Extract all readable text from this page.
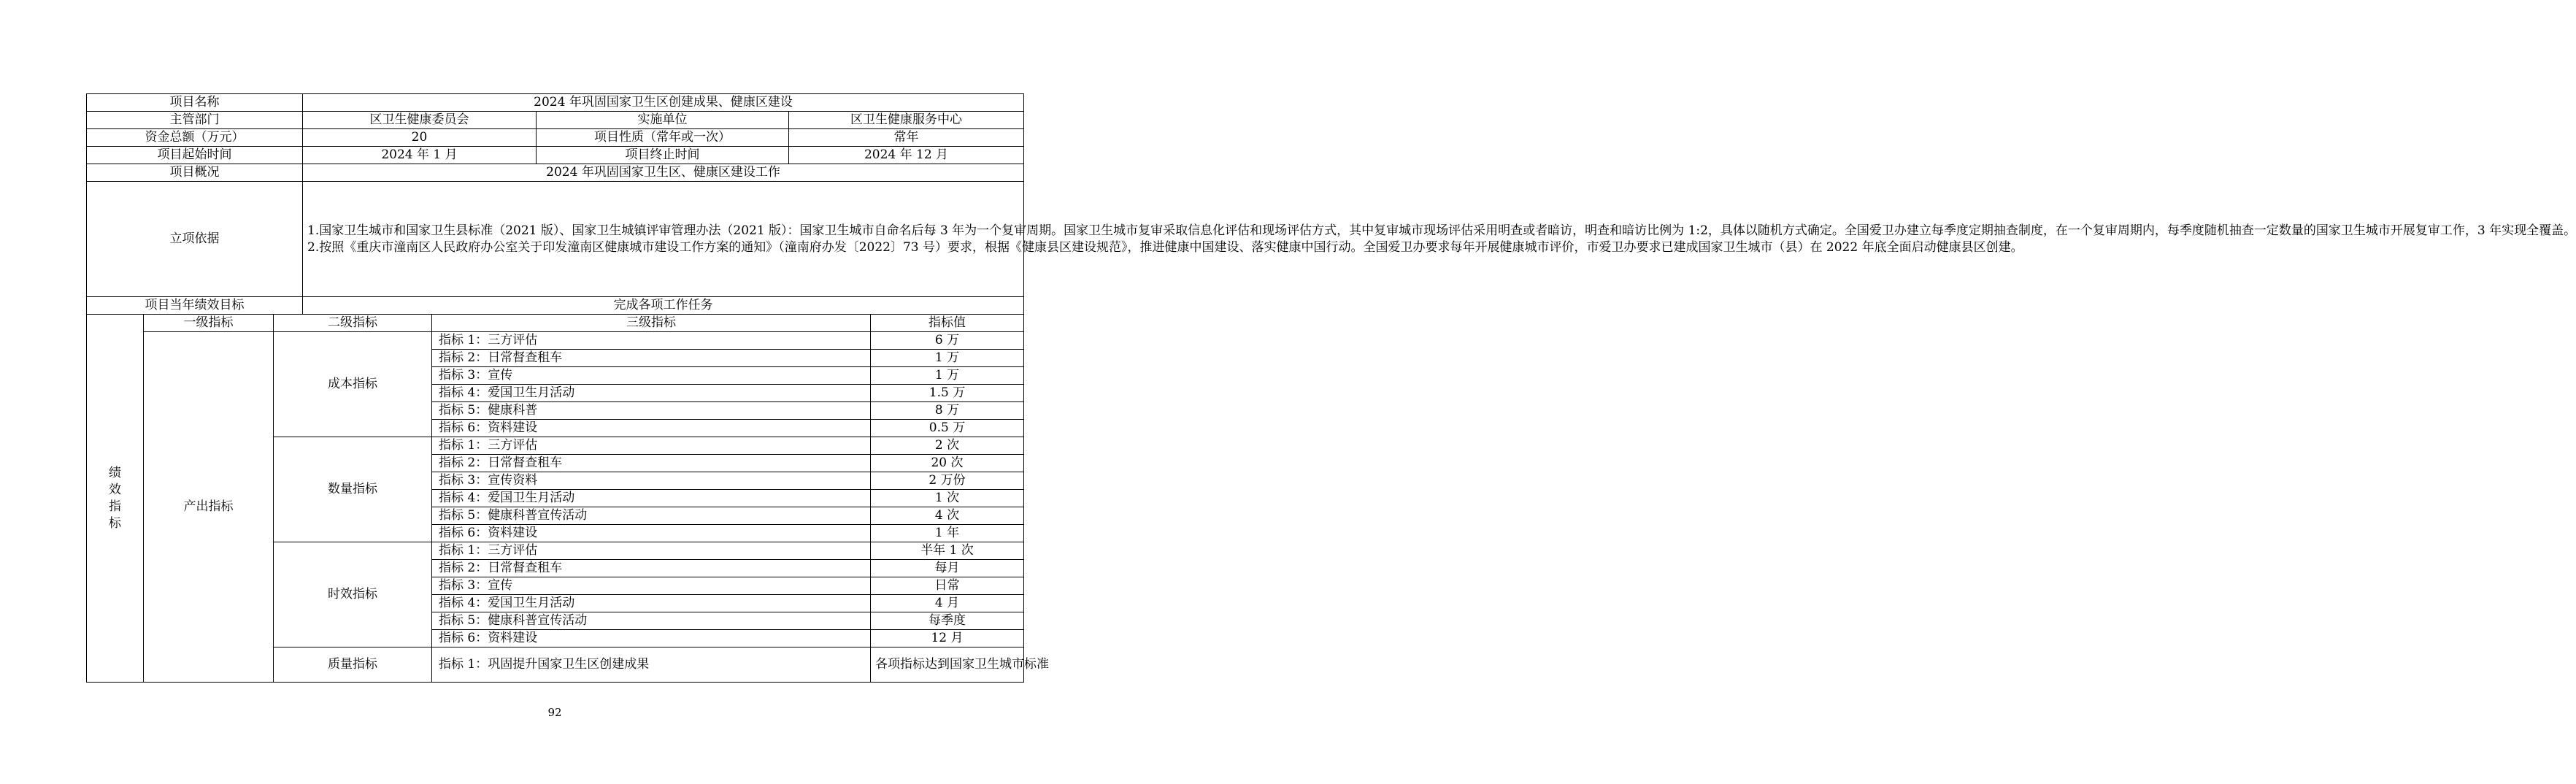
项目名称			2024 年巩固国家卫生区创建成果、健康区建设				
主管部门			区卫生健康委员会		实施单位	区卫生健康服务中心	
资金总额（万元）			20		项目性质（常年或一次）	常年	
项目起始时间			2024 年 1 月		项目终止时间	2024 年 12 月	
项目概况			2024 年巩固国家卫生区、健康区建设工作				
立项依据			1.国家卫生城市和国家卫生县标准（2021 版）、国家卫生城镇评审管理办法（2021 版）：国家卫生城市自命名后每 3 年为一个复审周期。国家卫生城市复审采取信息化评估和现场评估方式，其中复审城市现场评估采用明查或者暗访，明查和暗访比例为 1:2，具体以随机方式确定。全国爱卫办建立每季度定期抽查制度，在一个复审周期内，每季度随机抽查一定数量的国家卫生城市开展复审工作，3 年实现全覆盖。

2.按照《重庆市潼南区人民政府办公室关于印发潼南区健康城市建设工作方案的通知》（潼南府办发〔2022〕73 号）要求，根据《健康县区建设规范》，推进健康中国建设、落实健康中国行动。全国爱卫办要求每年开展健康城市评价，市爱卫办要求已建成国家卫生城市（县）在 2022 年底全面启动健康县区创建。				

项目当年绩效目标			完成各项工作任务				

绩
效
指
标	一级指标	二级指标		三级指标			指标值
	产出指标	成本指标		指标 1：三方评估			6 万
				指标 2：日常督查租车			1 万
				指标 3：宣传			1 万
				指标 4：爱国卫生月活动			1.5 万
				指标 5：健康科普			8 万
				指标 6：资料建设			0.5 万
		数量指标		指标 1：三方评估			2 次
				指标 2：日常督查租车			20 次
				指标 3：宣传资料			2 万份
				指标 4：爱国卫生月活动			1 次
				指标 5：健康科普宣传活动			4 次
				指标 6：资料建设			1 年
		时效指标		指标 1：三方评估			半年 1 次
				指标 2：日常督查租车			每月
				指标 3：宣传			日常
				指标 4：爱国卫生月活动			4 月
				指标 5：健康科普宣传活动			每季度
				指标 6：资料建设			12 月
		质量指标		指标 1：巩固提升国家卫生区创建成果			各项指标达到国家卫生城市标准
92
